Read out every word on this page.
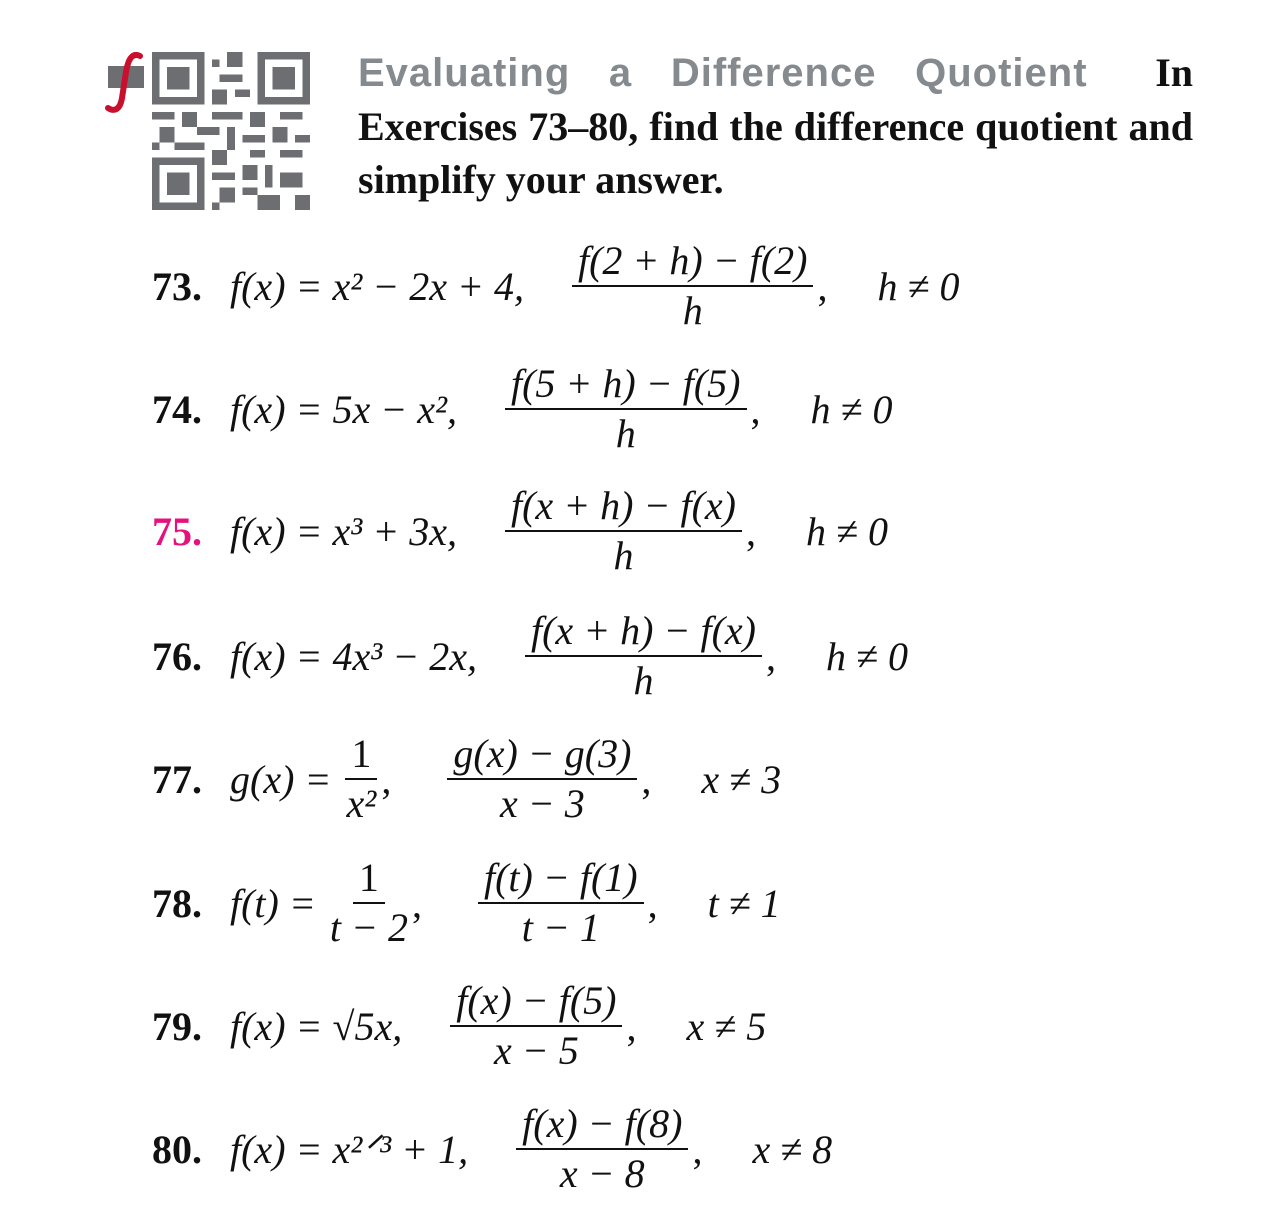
Evaluating a Difference Quotient In Exercises 73–80, find the difference quotient and simplify your answer.
73. f(x) = x² − 2x + 4, $\frac{f(2 + h) - f(2)}{h}$ , h ≠ 0
74. f(x) = 5x − x², $\frac{f(5 + h) - f(5)}{h}$ , h ≠ 0
75. f(x) = x³ + 3x, $\frac{f(x + h) - f(x)}{h}$ , h ≠ 0
76. f(x) = 4x³ − 2x, $\frac{f(x + h) - f(x)}{h}$ , h ≠ 0
77. $g(x) = \frac{1}{\text{x²}}$ , $\frac{g(x) - g(3)}{x - 3}$ , x ≠ 3
78. $f(t) = \frac{1}{t - 2}$ , $\frac{f(t) - f(1)}{t - 1}$ , t ≠ 1
79. f(x) = √5x, $\frac{f(x) - f(5)}{x - 5}$ , x ≠ 5
80. f(x) = x²ᐟ³ + 1, $\frac{f(x) - f(8)}{x - 8}$ , x ≠ 8
